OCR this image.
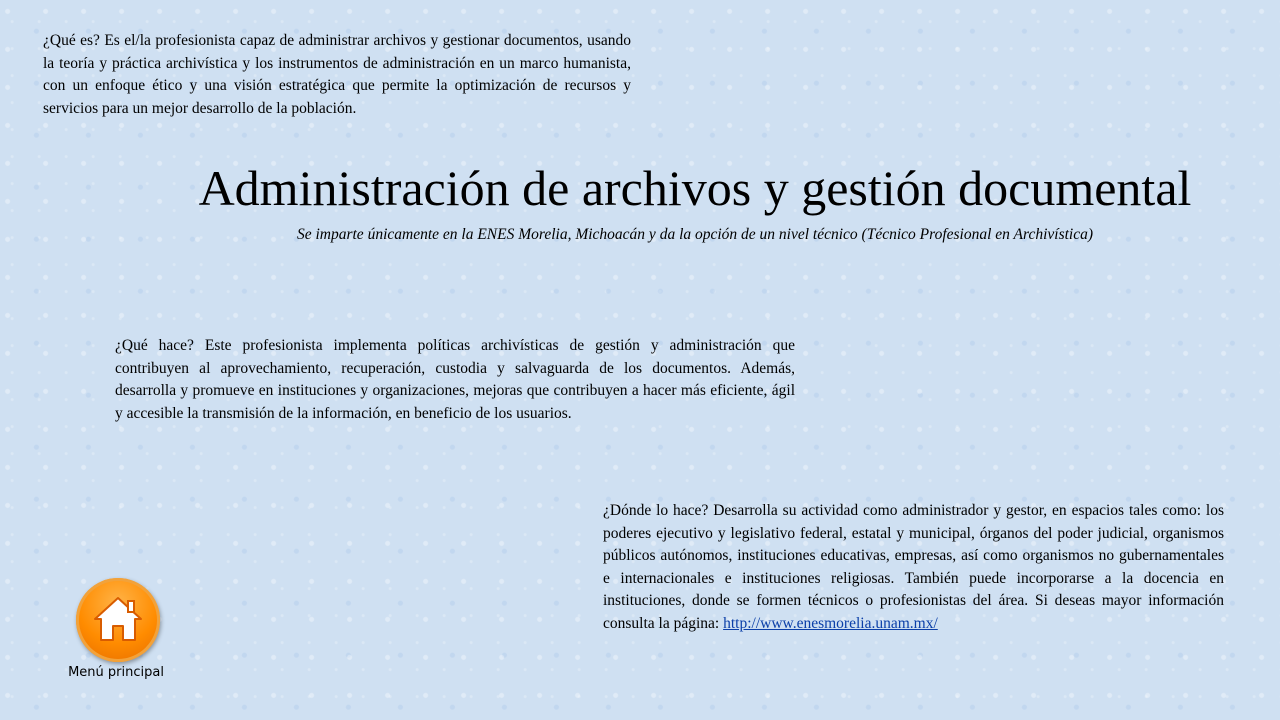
¿Qué es? Es el/la profesionista capaz de administrar archivos y gestionar documentos, usando la teoría y práctica archivística y los instrumentos de administración en un marco humanista, con un enfoque ético y una visión estratégica que permite la optimización de recursos y servicios para un mejor desarrollo de la población.
Administración de archivos y gestión documental
Se imparte únicamente en la ENES Morelia, Michoacán y da la opción de un nivel técnico (Técnico Profesional en Archivística)
¿Qué hace? Este profesionista implementa políticas archivísticas de gestión y administración que contribuyen al aprovechamiento, recuperación, custodia y salvaguarda de los documentos. Además, desarrolla y promueve en instituciones y organizaciones, mejoras que contribuyen a hacer más eficiente, ágil y accesible la transmisión de la información, en beneficio de los usuarios.
¿Dónde lo hace? Desarrolla su actividad como administrador y gestor, en espacios tales como: los poderes ejecutivo y legislativo federal, estatal y municipal, órganos del poder judicial, organismos públicos autónomos, instituciones educativas, empresas, así como organismos no gubernamentales e internacionales e instituciones religiosas. También puede incorporarse a la docencia en instituciones, donde se formen técnicos o profesionistas del área. Si deseas mayor información consulta la página: http://www.enesmorelia.unam.mx/
Menú principal
